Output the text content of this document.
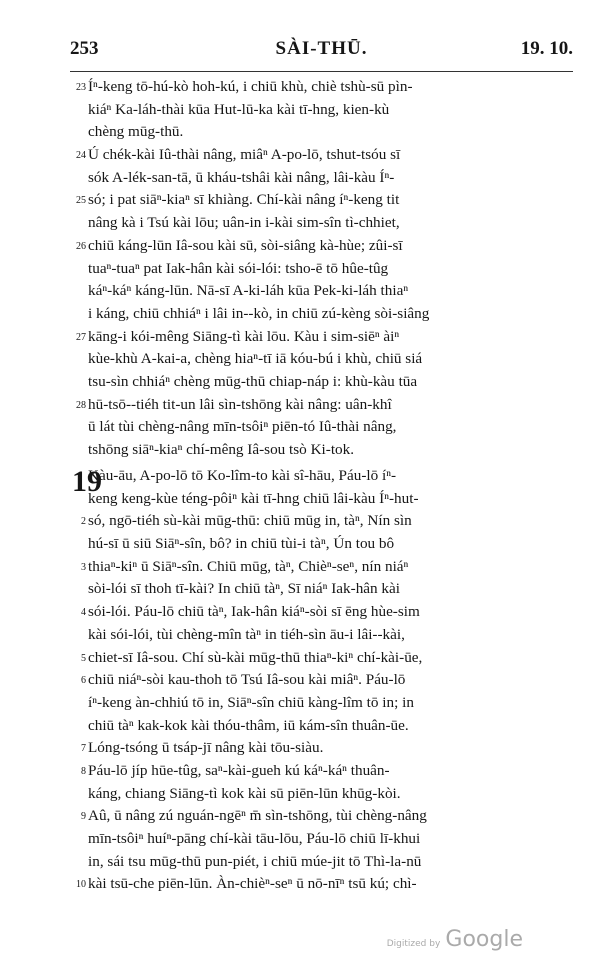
253	SÀI-THŪ.	19. 10.
23 Íⁿ-keng tō-hú-kò hoh-kú, i chiū khù, chiè tshù-sū pìn-
kiáⁿ Ka-láh-thài kūa Hut-lū-ka kài tī-hng, kien-kù
chèng mūg-thū.
24 Ú chék-kài Iû-thài nâng, miâⁿ A-po-lō, tshut-tsóu sī
sók A-lék-san-tā, ū kháu-tshâi kài nâng, lâi-kàu Íⁿ-
25 só; i pat siāⁿ-kiaⁿ sī khiàng. Chí-kài nâng íⁿ-keng tit
nâng kà i Tsú kài lōu; uân-in i-kài sim-sîn tì-chhiet,
26 chiū káng-lūn Iâ-sou kài sū, sòi-siâng kà-hùe; zûi-sī
tuaⁿ-tuaⁿ pat Iak-hân kài sói-lói: tsho-ē tō hûe-tûg
káⁿ-káⁿ káng-lūn. Nā-sī A-ki-láh kūa Pek-ki-láh thiaⁿ
i káng, chiū chhiáⁿ i lâi in--kò, in chiū zú-kèng sòi-siâng
27 kāng-i kói-mêng Siāng-tì kài lōu. Kàu i sim-siēⁿ àiⁿ
kùe-khù A-kai-a, chèng hiaⁿ-tī iā kóu-bú i khù, chiū siá
tsu-sìn chhiáⁿ chèng mūg-thū chiap-náp i: khù-kàu tūa
28 hū-tsō--tiéh tit-un lâi sìn-tshōng kài nâng: uân-khî
ū lát tùi chèng-nâng mīn-tsôiⁿ piēn-tó Iû-thài nâng,
tshōng siāⁿ-kiaⁿ chí-mêng Iâ-sou tsò Ki-tok.
19
Kàu-āu, A-po-lō tō Ko-lîm-to kài sî-hāu, Páu-lō íⁿ-
keng keng-kùe téng-pôiⁿ kài tī-hng chiū lâi-kàu Íⁿ-hut-
2 só, ngō-tiéh sù-kài mūg-thū: chiū mūg in, tàⁿ, Nín sìn
hú-sī ū siū Siāⁿ-sîn, bô? in chiū tùi-i tàⁿ, Ún tou bô
3 thiaⁿ-kiⁿ ū Siāⁿ-sîn. Chiū mūg, tàⁿ, Chièⁿ-seⁿ, nín niáⁿ
sòi-lói sī thoh tī-kài? In chiū tàⁿ, Sī niáⁿ Iak-hân kài
4 sói-lói. Páu-lō chiū tàⁿ, Iak-hân kiáⁿ-sòi sī ēng hùe-sim
kài sói-lói, tùi chèng-mîn tàⁿ in tiéh-sìn āu-i lâi--kài,
5 chiet-sī Iâ-sou. Chí sù-kài mūg-thū thiaⁿ-kiⁿ chí-kài-ūe,
6 chiū niáⁿ-sòi kau-thoh tō Tsú Iâ-sou kài miâⁿ. Páu-lō
íⁿ-keng àn-chhiú tō in, Siāⁿ-sîn chiū kàng-lîm tō in; in
chiū tàⁿ kak-kok kài thóu-thâm, iū kám-sîn thuân-ūe.
7 Lóng-tsóng ū tsáp-jī nâng kài tōu-siàu.
8 Páu-lō jíp hūe-tûg, saⁿ-kài-gueh kú káⁿ-káⁿ thuân-
káng, chiang Siāng-tì kok kài sū piēn-lūn khūg-kòi.
9 Aû, ū nâng zú nguán-ngēⁿ m̄ sìn-tshōng, tùi chèng-nâng
mīn-tsôiⁿ huíⁿ-pāng chí-kài tāu-lōu, Páu-lō chiū lī-khui
in, sái tsu mūg-thū pun-piét, i chiū múe-jit tō Thì-la-nū
10 kài tsū-che piēn-lūn. Àn-chièⁿ-seⁿ ū nō-nīⁿ tsū kú; chì-
Digitized by Google
